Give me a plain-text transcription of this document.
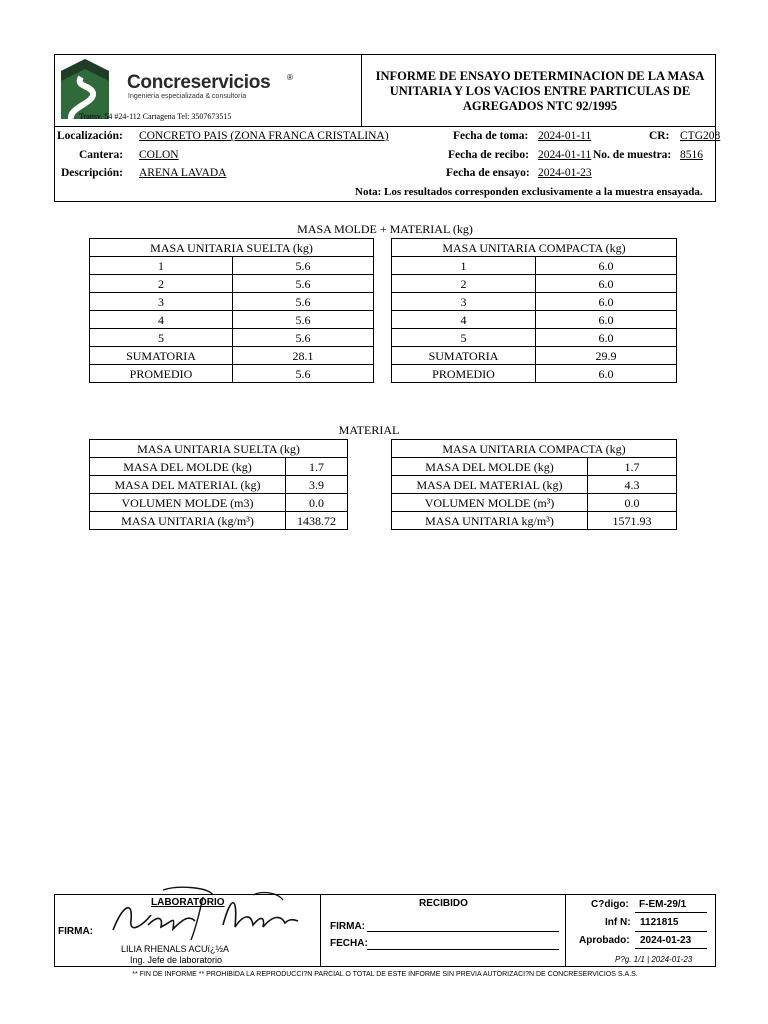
Concreservicios ®
Ingeniería especializada & consultoría
Transv. 54 #24-112 Cartagena Tel: 3507673515
INFORME DE ENSAYO DETERMINACION DE LA MASA UNITARIA Y LOS VACIOS ENTRE PARTICULAS DE AGREGADOS NTC 92/1995
Localización: CONCRETO PAIS (ZONA FRANCA CRISTALINA)
Cantera: COLON
Descripción: ARENA LAVADA
Fecha de toma: 2024-01-11	CR: CTG208
Fecha de recibo: 2024-01-11 No. de muestra: 8516
Fecha de ensayo: 2024-01-23
Nota: Los resultados corresponden exclusivamente a la muestra ensayada.
MASA MOLDE + MATERIAL (kg)
MASA UNITARIA SUELTA (kg)	
1	5.6
2	5.6
3	5.6
4	5.6
5	5.6
SUMATORIA	28.1
PROMEDIO	5.6
MASA UNITARIA COMPACTA (kg)	
1	6.0
2	6.0
3	6.0
4	6.0
5	6.0
SUMATORIA	29.9
PROMEDIO	6.0
MATERIAL
MASA UNITARIA SUELTA (kg)	
MASA DEL MOLDE (kg)	1.7
MASA DEL MATERIAL (kg)	3.9
VOLUMEN MOLDE (m3)	0.0
MASA UNITARIA (kg/m³)	1438.72
MASA UNITARIA COMPACTA (kg)	
MASA DEL MOLDE (kg)	1.7
MASA DEL MATERIAL (kg)	4.3
VOLUMEN MOLDE (m³)	0.0
MASA UNITARIA kg/m³)	1571.93
LABORATORIO
FIRMA:
LILIA RHENALS ACUï¿½A
Ing. Jefe de laboratorio
RECIBIDO
FIRMA:
FECHA:
C?digo: F-EM-29/1
Inf N: 1121815
Aprobado: 2024-01-23
P?g. 1/1 | 2024-01-23
** FIN DE INFORME ** PROHIBIDA LA REPRODUCCI?N PARCIAL O TOTAL DE ESTE INFORME SIN PREVIA AUTORIZACI?N DE CONCRESERVICIOS S.A.S.
